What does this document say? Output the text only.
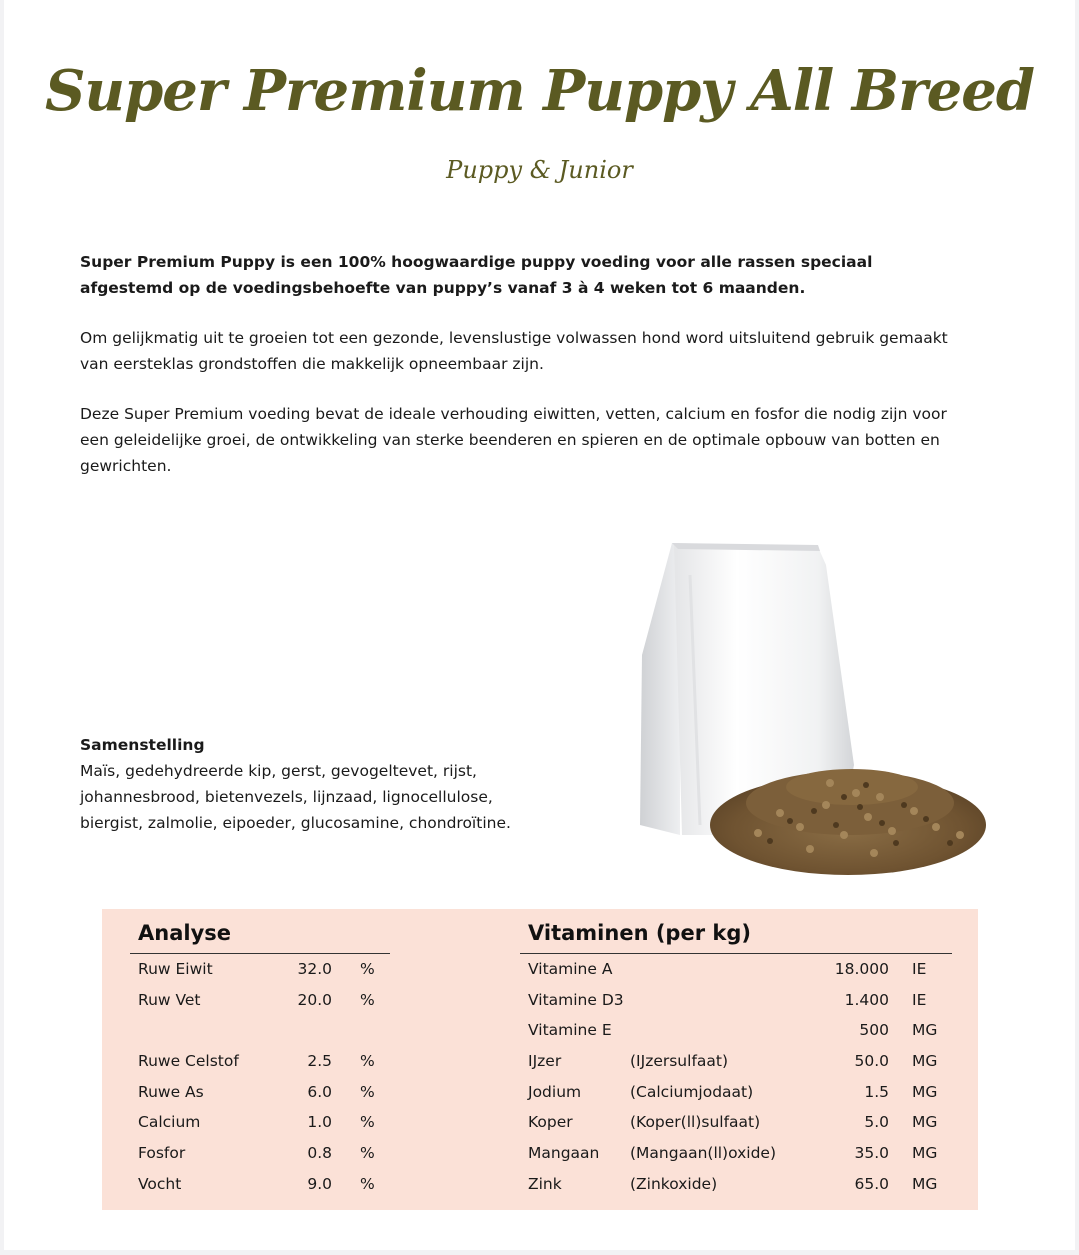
Super Premium Puppy All Breed
Puppy & Junior

Super Premium Puppy is een 100% hoogwaardige puppy voeding voor alle rassen speciaal afgestemd op de voedingsbehoefte van puppy’s vanaf 3 à 4 weken tot 6 maanden.

Om gelijkmatig uit te groeien tot een gezonde, levenslustige volwassen hond word uitsluitend gebruik gemaakt van eersteklas grondstoffen die makkelijk opneembaar zijn.

Deze Super Premium voeding bevat de ideale verhouding eiwitten, vetten, calcium en fosfor die nodig zijn voor een geleidelijke groei, de ontwikkeling van sterke beenderen en spieren en de optimale opbouw van botten en gewrichten.

Samenstelling

Maïs, gedehydreerde kip, gerst, gevogeltevet, rijst,

johannesbrood, bietenvezels, lijnzaad, lignocellulose,

biergist, zalmolie, eipoeder, glucosamine, chondroïtine.

Analyse	Vitaminen (per kg)
Ruw Eiwit	32.0 %
Ruw Vet	20.0 %
Ruwe Celstof	2.5 %
Ruwe As	6.0 %
Calcium	1.0 %
Fosfor	0.8 %
Vocht	9.0 %
Vitamine A	18.000 IE
Vitamine D3	1.400 IE
Vitamine E	500 MG
IJzer	(IJzersulfaat)	50.0 MG
Jodium	(Calciumjodaat)	1.5 MG
Koper	(Koper(ll)sulfaat)	5.0 MG
Mangaan (Mangaan(ll)oxide)	35.0 MG
Zink	(Zinkoxide)	65.0 MG
